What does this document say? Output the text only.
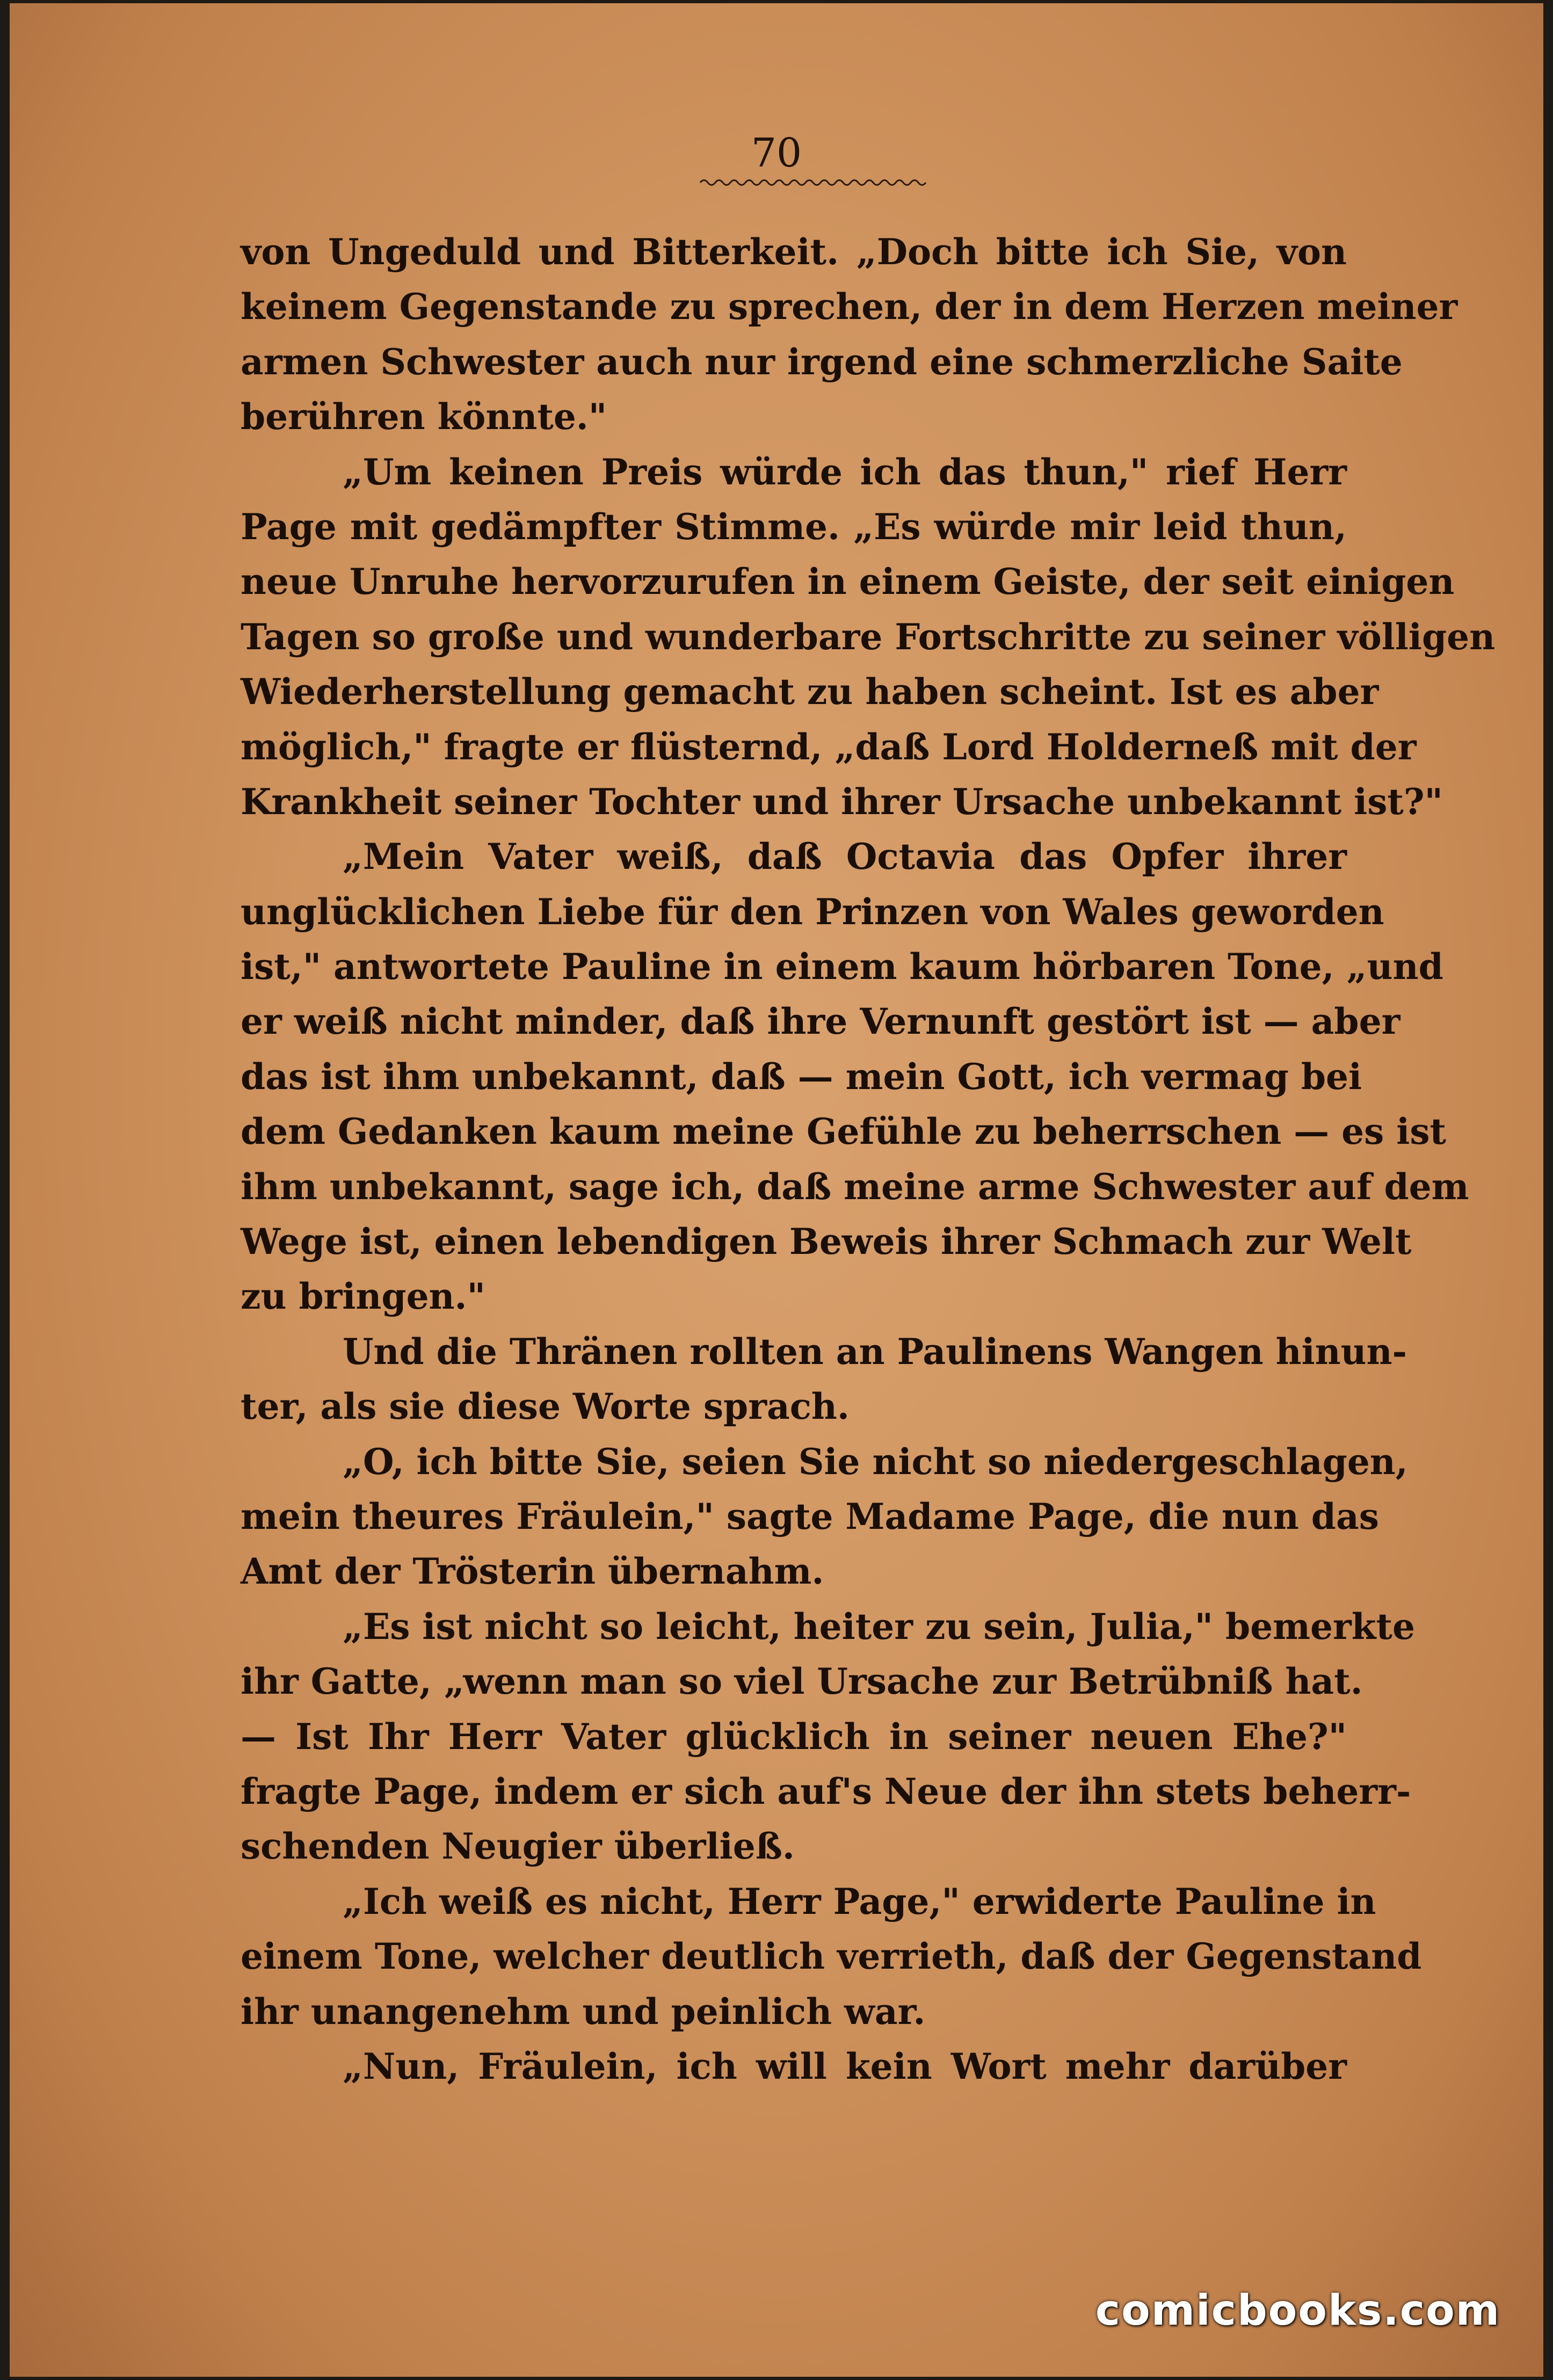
70
von Ungeduld und Bitterkeit. „Doch bitte ich Sie, von
keinem Gegenstande zu sprechen, der in dem Herzen meiner
armen Schwester auch nur irgend eine schmerzliche Saite
berühren könnte."
„Um keinen Preis würde ich das thun," rief Herr
Page mit gedämpfter Stimme. „Es würde mir leid thun,
neue Unruhe hervorzurufen in einem Geiste, der seit einigen
Tagen so große und wunderbare Fortschritte zu seiner völligen
Wiederherstellung gemacht zu haben scheint. Ist es aber
möglich," fragte er flüsternd, „daß Lord Holderneß mit der
Krankheit seiner Tochter und ihrer Ursache unbekannt ist?"
„Mein Vater weiß, daß Octavia das Opfer ihrer
unglücklichen Liebe für den Prinzen von Wales geworden
ist," antwortete Pauline in einem kaum hörbaren Tone, „und
er weiß nicht minder, daß ihre Vernunft gestört ist — aber
das ist ihm unbekannt, daß — mein Gott, ich vermag bei
dem Gedanken kaum meine Gefühle zu beherrschen — es ist
ihm unbekannt, sage ich, daß meine arme Schwester auf dem
Wege ist, einen lebendigen Beweis ihrer Schmach zur Welt
zu bringen."
Und die Thränen rollten an Paulinens Wangen hinun-
ter, als sie diese Worte sprach.
„O, ich bitte Sie, seien Sie nicht so niedergeschlagen,
mein theures Fräulein," sagte Madame Page, die nun das
Amt der Trösterin übernahm.
„Es ist nicht so leicht, heiter zu sein, Julia," bemerkte
ihr Gatte, „wenn man so viel Ursache zur Betrübniß hat.
— Ist Ihr Herr Vater glücklich in seiner neuen Ehe?"
fragte Page, indem er sich auf's Neue der ihn stets beherr-
schenden Neugier überließ.
„Ich weiß es nicht, Herr Page," erwiderte Pauline in
einem Tone, welcher deutlich verrieth, daß der Gegenstand
ihr unangenehm und peinlich war.
„Nun, Fräulein, ich will kein Wort mehr darüber
comicbooks.com
